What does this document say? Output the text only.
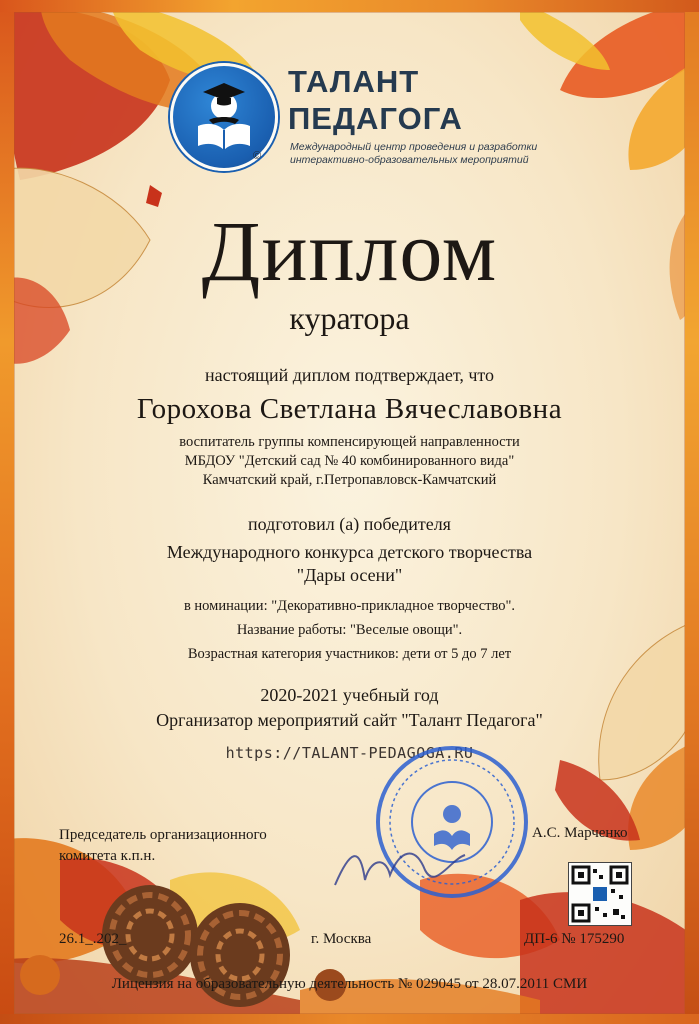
©
ТАЛАНТ
ПЕДАГОГА
Международный центр проведения и разработки
интерактивно-образовательных мероприятий
Диплом
куратора
настоящий диплом подтверждает, что
Горохова Светлана Вячеславовна
воспитатель группы компенсирующей направленности
МБДОУ "Детский сад № 40 комбинированного вида"
Камчатский край, г.Петропавловск-Камчатский
подготовил (а) победителя
Международного конкурса детского творчества
"Дары осени"
в номинации: "Декоративно-прикладное творчество".
Название работы: "Веселые овощи".
Возрастная категория участников: дети от 5 до 7 лет
2020-2021 учебный год
Организатор мероприятий сайт "Талант Педагога"
https://TALANT-PEDAGOGA.RU
Председатель организационного
комитета к.п.н.
А.С. Марченко
26.1_.202_	г. Москва	ДП-6 № 175290
Лицензия на образовательную деятельность № 029045 от 28.07.2011 СМИ
